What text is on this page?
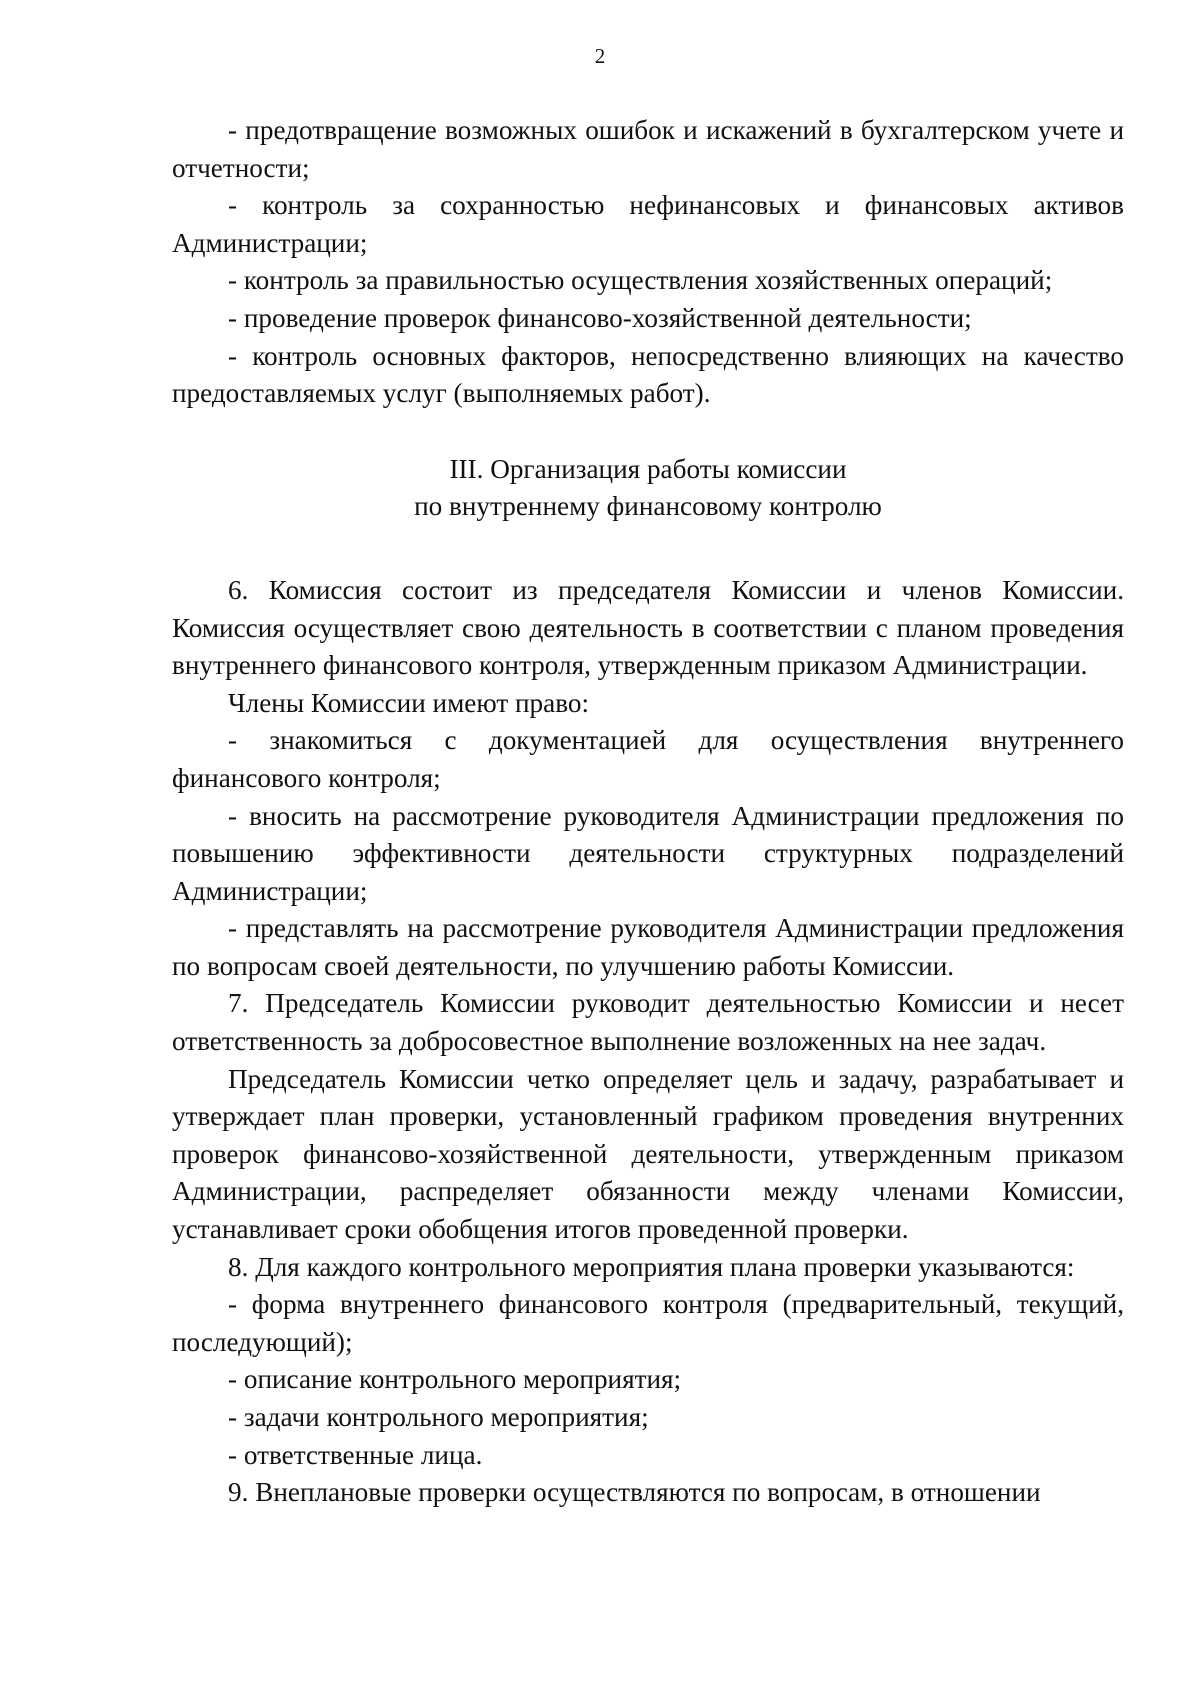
2

- предотвращение возможных ошибок и искажений в бухгалтерском учете и отчетности;

- контроль за сохранностью нефинансовых и финансовых активов Администрации;

- контроль за правильностью осуществления хозяйственных операций;

- проведение проверок финансово-хозяйственной деятельности;

- контроль основных факторов, непосредственно влияющих на качество предоставляемых услуг (выполняемых работ).

III. Организация работы комиссии
по внутреннему финансовому контролю

6. Комиссия состоит из председателя Комиссии и членов Комиссии. Комиссия осуществляет свою деятельность в соответствии с планом проведения внутреннего финансового контроля, утвержденным приказом Администрации.

Члены Комиссии имеют право:

- знакомиться с документацией для осуществления внутреннего финансового контроля;

- вносить на рассмотрение руководителя Администрации предложения по повышению эффективности деятельности структурных подразделений Администрации;

- представлять на рассмотрение руководителя Администрации предложения по вопросам своей деятельности, по улучшению работы Комиссии.

7. Председатель Комиссии руководит деятельностью Комиссии и несет ответственность за добросовестное выполнение возложенных на нее задач.

Председатель Комиссии четко определяет цель и задачу, разрабатывает и утверждает план проверки, установленный графиком проведения внутренних проверок финансово-хозяйственной деятельности, утвержденным приказом Администрации, распределяет обязанности между членами Комиссии, устанавливает сроки обобщения итогов проведенной проверки.

8. Для каждого контрольного мероприятия плана проверки указываются:

- форма внутреннего финансового контроля (предварительный, текущий, последующий);

- описание контрольного мероприятия;

- задачи контрольного мероприятия;

- ответственные лица.

9. Внеплановые проверки осуществляются по вопросам, в отношении
